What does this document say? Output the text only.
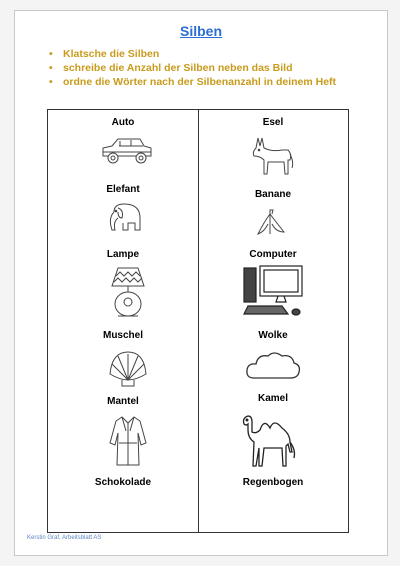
Silben
• Klatsche die Silben
• schreibe die Anzahl der Silben neben das Bild
• ordne die Wörter nach der Silbenanzahl in deinem Heft
Auto
Elefant
Lampe
Muschel
Mantel
Schokolade
Esel
Banane
Computer
Wolke
Kamel
Regenbogen
Kerstin Graf, Arbeitsblatt AS
